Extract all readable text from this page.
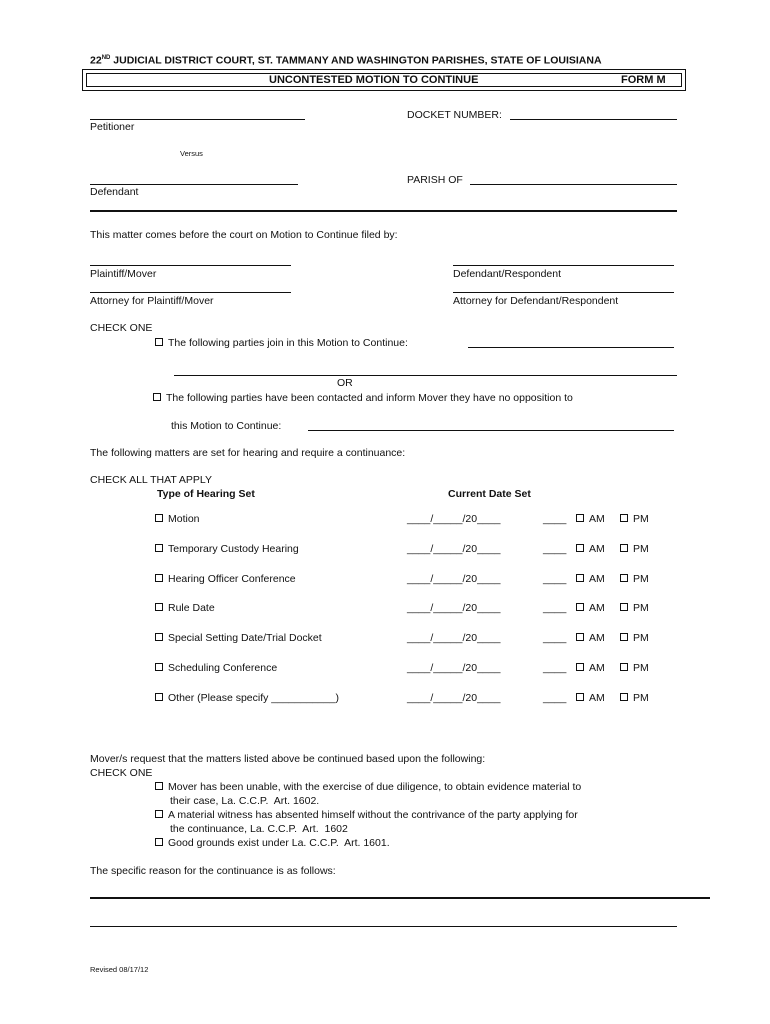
22ND JUDICIAL DISTRICT COURT, ST. TAMMANY AND WASHINGTON PARISHES, STATE OF LOUISIANA
UNCONTESTED MOTION TO CONTINUE	FORM M
DOCKET NUMBER:
Petitioner
Versus
PARISH OF
Defendant
This matter comes before the court on Motion to Continue filed by:
Plaintiff/Mover	Defendant/Respondent
Attorney for Plaintiff/Mover	Attorney for Defendant/Respondent
CHECK ONE
The following parties join in this Motion to Continue:
OR
The following parties have been contacted and inform Mover they have no opposition to
this Motion to Continue:
The following matters are set for hearing and require a continuance:
CHECK ALL THAT APPLY
Type of Hearing Set	Current Date Set
Motion	____/_____/20____	____	AM	PM
Temporary Custody Hearing	____/_____/20____	____	AM	PM
Hearing Officer Conference	____/_____/20____	____	AM	PM
Rule Date	____/_____/20____	____	AM	PM
Special Setting Date/Trial Docket	____/_____/20____	____	AM	PM
Scheduling Conference	____/_____/20____	____	AM	PM
Other (Please specify ___________)	____/_____/20____	____	AM	PM
Mover/s request that the matters listed above be continued based upon the following:
CHECK ONE
Mover has been unable, with the exercise of due diligence, to obtain evidence material to
their case, La. C.C.P.  Art. 1602.
A material witness has absented himself without the contrivance of the party applying for
the continuance, La. C.C.P.  Art.  1602
Good grounds exist under La. C.C.P.  Art. 1601.
The specific reason for the continuance is as follows:
Revised 08/17/12
